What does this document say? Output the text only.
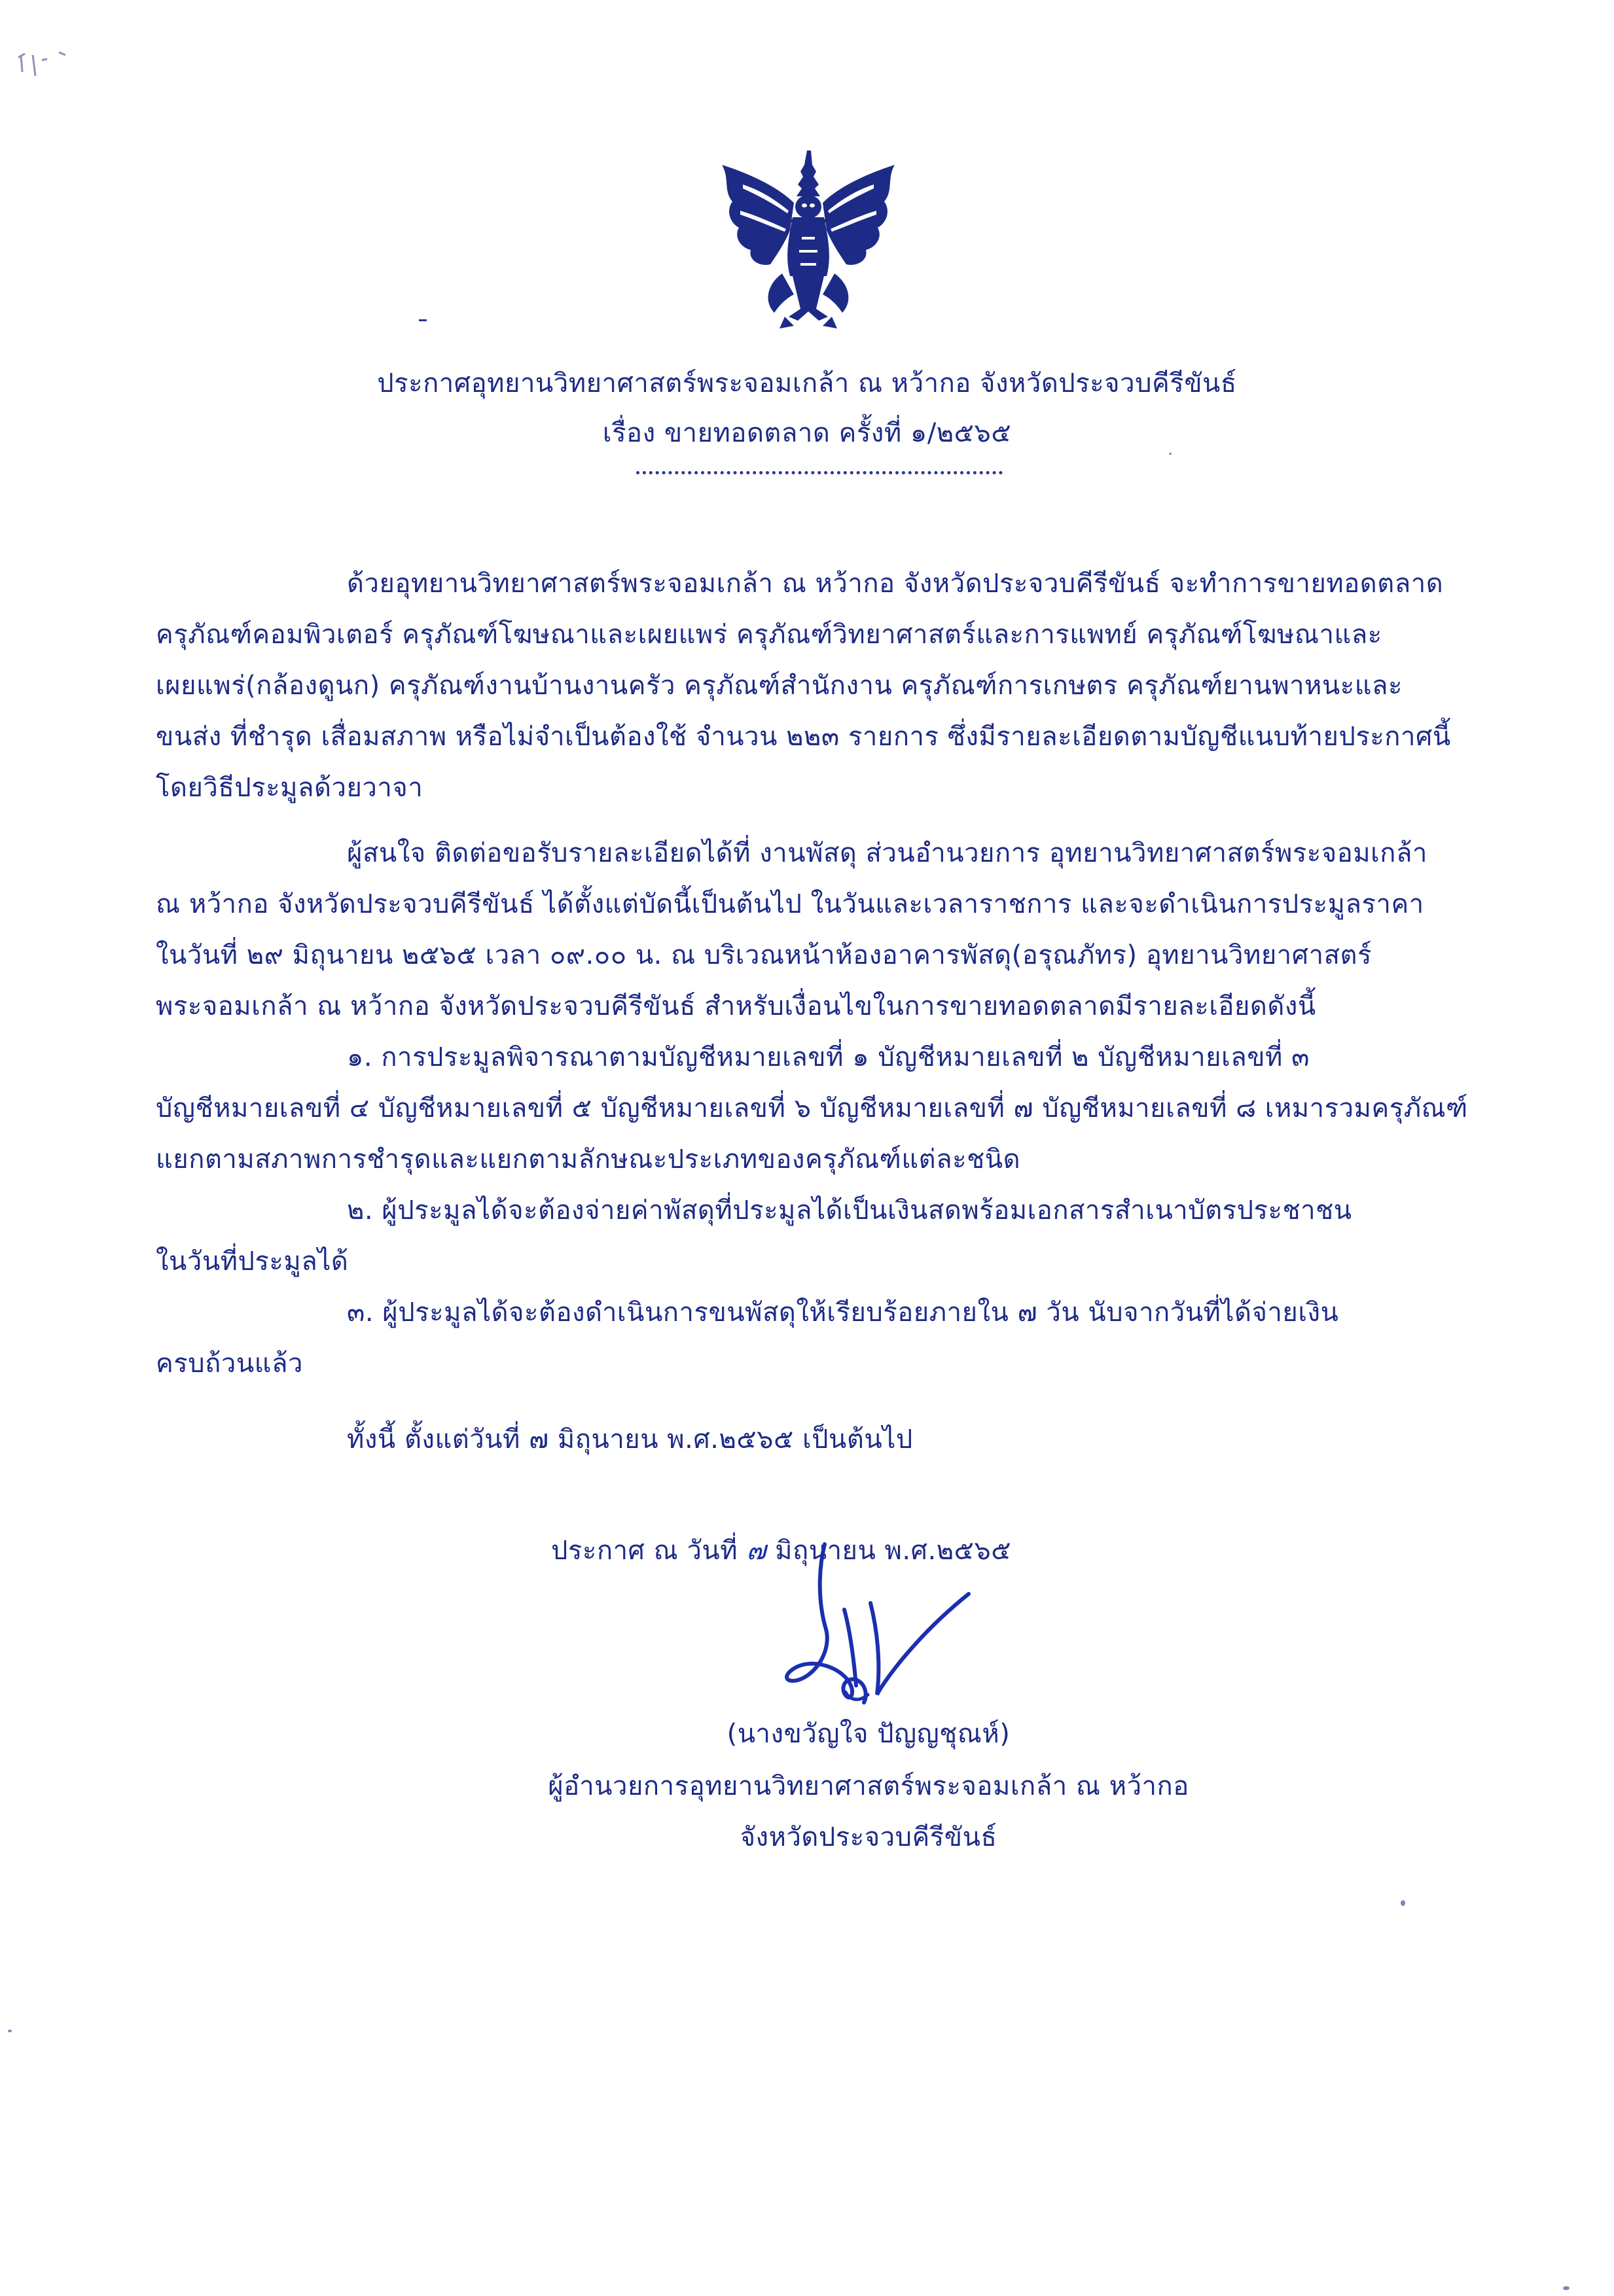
ประกาศอุทยานวิทยาศาสตร์พระจอมเกล้า ณ หว้ากอ จังหวัดประจวบคีรีขันธ์
เรื่อง ขายทอดตลาด ครั้งที่ ๑/๒๕๖๕
ด้วยอุทยานวิทยาศาสตร์พระจอมเกล้า ณ หว้ากอ จังหวัดประจวบคีรีขันธ์ จะทำการขายทอดตลาด
ครุภัณฑ์คอมพิวเตอร์ ครุภัณฑ์โฆษณาและเผยแพร่ ครุภัณฑ์วิทยาศาสตร์และการแพทย์ ครุภัณฑ์โฆษณาและ
เผยแพร่(กล้องดูนก) ครุภัณฑ์งานบ้านงานครัว ครุภัณฑ์สำนักงาน ครุภัณฑ์การเกษตร ครุภัณฑ์ยานพาหนะและ
ขนส่ง ที่ชำรุด เสื่อมสภาพ หรือไม่จำเป็นต้องใช้ จำนวน ๒๒๓ รายการ ซึ่งมีรายละเอียดตามบัญชีแนบท้ายประกาศนี้
โดยวิธีประมูลด้วยวาจา
ผู้สนใจ ติดต่อขอรับรายละเอียดได้ที่ งานพัสดุ ส่วนอำนวยการ อุทยานวิทยาศาสตร์พระจอมเกล้า
ณ หว้ากอ จังหวัดประจวบคีรีขันธ์ ได้ตั้งแต่บัดนี้เป็นต้นไป ในวันและเวลาราชการ และจะดำเนินการประมูลราคา
ในวันที่ ๒๙ มิถุนายน ๒๕๖๕ เวลา ๐๙.๐๐ น. ณ บริเวณหน้าห้องอาคารพัสดุ(อรุณภัทร) อุทยานวิทยาศาสตร์
พระจอมเกล้า ณ หว้ากอ จังหวัดประจวบคีรีขันธ์ สำหรับเงื่อนไขในการขายทอดตลาดมีรายละเอียดดังนี้
๑. การประมูลพิจารณาตามบัญชีหมายเลขที่ ๑ บัญชีหมายเลขที่ ๒ บัญชีหมายเลขที่ ๓
บัญชีหมายเลขที่ ๔ บัญชีหมายเลขที่ ๕ บัญชีหมายเลขที่ ๖ บัญชีหมายเลขที่ ๗ บัญชีหมายเลขที่ ๘ เหมารวมครุภัณฑ์
แยกตามสภาพการชำรุดและแยกตามลักษณะประเภทของครุภัณฑ์แต่ละชนิด
๒. ผู้ประมูลได้จะต้องจ่ายค่าพัสดุที่ประมูลได้เป็นเงินสดพร้อมเอกสารสำเนาบัตรประชาชน
ในวันที่ประมูลได้
๓. ผู้ประมูลได้จะต้องดำเนินการขนพัสดุให้เรียบร้อยภายใน ๗ วัน นับจากวันที่ได้จ่ายเงิน
ครบถ้วนแล้ว
ทั้งนี้ ตั้งแต่วันที่ ๗ มิถุนายน พ.ศ.๒๕๖๕ เป็นต้นไป
ประกาศ ณ วันที่ ๗ มิถุนายน พ.ศ.๒๕๖๕
(นางขวัญใจ ปัญญชุณห์)
ผู้อำนวยการอุทยานวิทยาศาสตร์พระจอมเกล้า ณ หว้ากอ
จังหวัดประจวบคีรีขันธ์
